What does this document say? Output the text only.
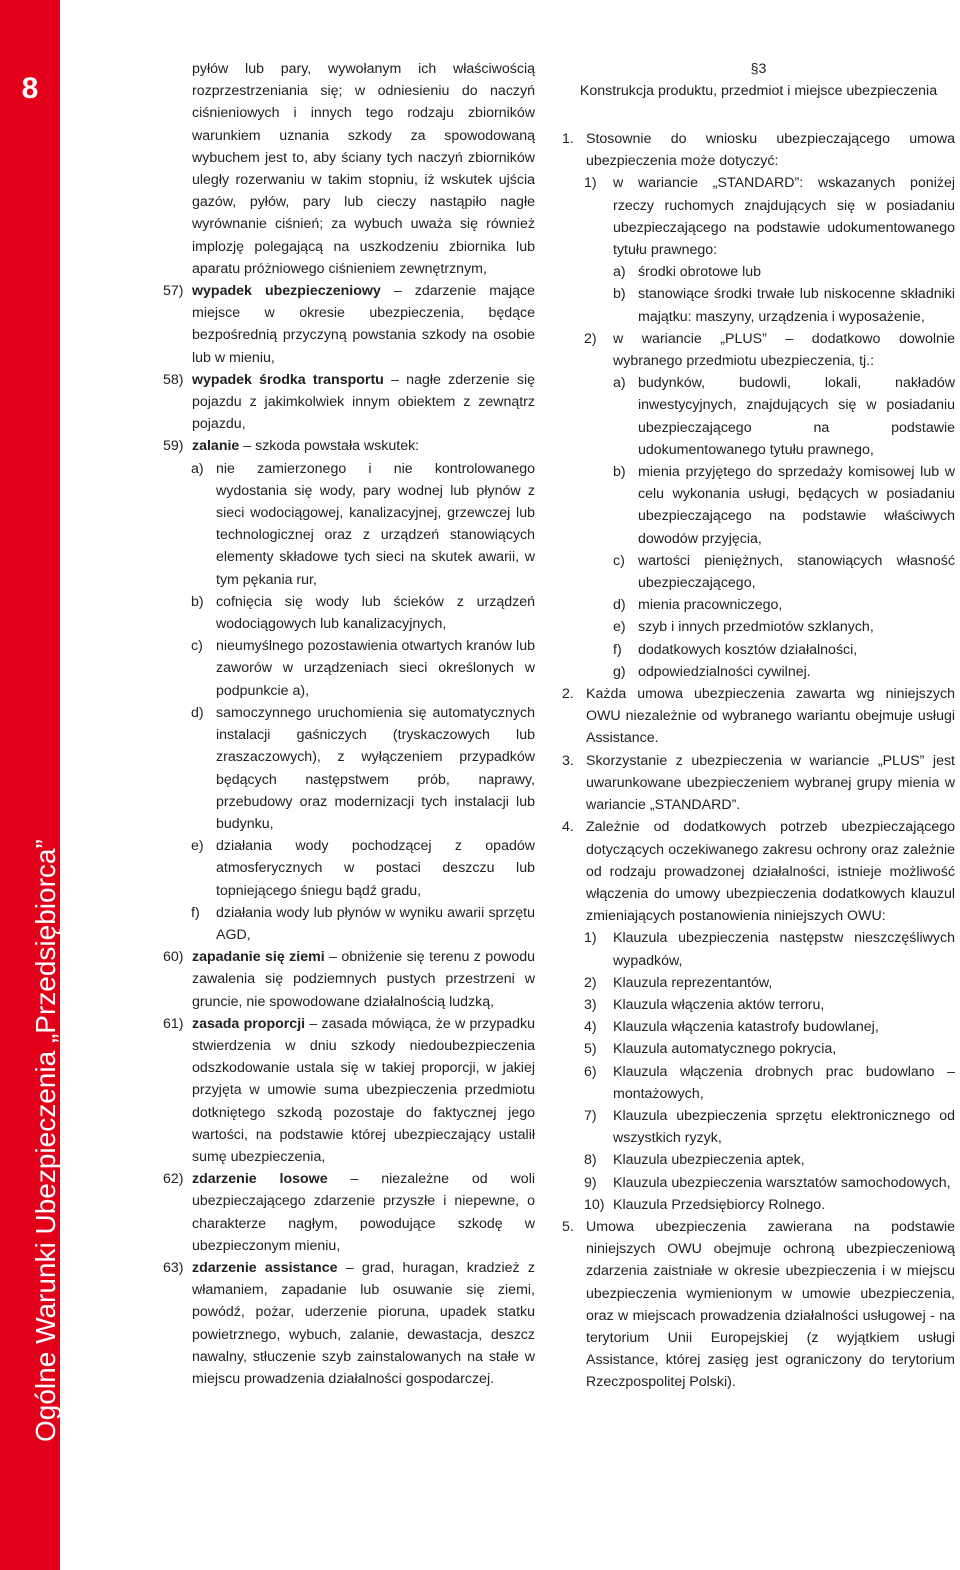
8
Ogólne Warunki Ubezpieczenia „Przedsiębiorca”
pyłów lub pary, wywołanym ich właściwością rozprzestrzeniania się; w odniesieniu do naczyń ciśnieniowych i innych tego rodzaju zbiorników warunkiem uznania szkody za spowodowaną wybuchem jest to, aby ściany tych naczyń zbiorników uległy rozerwaniu w takim stopniu, iż wskutek ujścia gazów, pyłów, pary lub cieczy nastąpiło nagłe wyrównanie ciśnień; za wybuch uważa się również implozję polegającą na uszkodzeniu zbiornika lub aparatu próżniowego ciśnieniem zewnętrznym,
57) wypadek ubezpieczeniowy – zdarzenie mające miejsce w okresie ubezpieczenia, będące bezpośrednią przyczyną powstania szkody na osobie lub w mieniu,
58) wypadek środka transportu – nagłe zderzenie się pojazdu z jakimkolwiek innym obiektem z zewnątrz pojazdu,
59) zalanie – szkoda powstała wskutek:
a) nie zamierzonego i nie kontrolowanego wydostania się wody, pary wodnej lub płynów z sieci wodociągowej, kanalizacyjnej, grzewczej lub technologicznej oraz z urządzeń stanowiących elementy składowe tych sieci na skutek awarii, w tym pękania rur,
b) cofnięcia się wody lub ścieków z urządzeń wodociągowych lub kanalizacyjnych,
c) nieumyślnego pozostawienia otwartych kranów lub zaworów w urządzeniach sieci określonych w podpunkcie a),
d) samoczynnego uruchomienia się automatycznych instalacji gaśniczych (tryskaczowych lub zraszaczowych), z wyłączeniem przypadków będących następstwem prób, naprawy, przebudowy oraz modernizacji tych instalacji lub budynku,
e) działania wody pochodzącej z opadów atmosferycznych w postaci deszczu lub topniejącego śniegu bądź gradu,
f) działania wody lub płynów w wyniku awarii sprzętu AGD,
60) zapadanie się ziemi – obniżenie się terenu z powodu zawalenia się podziemnych pustych przestrzeni w gruncie, nie spowodowane działalnością ludzką,
61) zasada proporcji – zasada mówiąca, że w przypadku stwierdzenia w dniu szkody niedoubezpieczenia odszkodowanie ustala się w takiej proporcji, w jakiej przyjęta w umowie suma ubezpieczenia przedmiotu dotkniętego szkodą pozostaje do faktycznej jego wartości, na podstawie której ubezpieczający ustalił sumę ubezpieczenia,
62) zdarzenie losowe – niezależne od woli ubezpieczającego zdarzenie przyszłe i niepewne, o charakterze nagłym, powodujące szkodę w ubezpieczonym mieniu,
63) zdarzenie assistance – grad, huragan, kradzież z włamaniem, zapadanie lub osuwanie się ziemi, powódź, pożar, uderzenie pioruna, upadek statku powietrznego, wybuch, zalanie, dewastacja, deszcz nawalny, stłuczenie szyb zainstalowanych na stałe w miejscu prowadzenia działalności gospodarczej.
§3
Konstrukcja produktu, przedmiot i miejsce ubezpieczenia
1. Stosownie do wniosku ubezpieczającego umowa ubezpieczenia może dotyczyć:
1) w wariancie „STANDARD”: wskazanych poniżej rzeczy ruchomych znajdujących się w posiadaniu ubezpieczającego na podstawie udokumentowanego tytułu prawnego:
a) środki obrotowe lub
b) stanowiące środki trwałe lub niskocenne składniki majątku: maszyny, urządzenia i wyposażenie,
2) w wariancie „PLUS” – dodatkowo dowolnie wybranego przedmiotu ubezpieczenia, tj.:
a) budynków, budowli, lokali, nakładów inwestycyjnych, znajdujących się w posiadaniu ubezpieczającego na podstawie udokumentowanego tytułu prawnego,
b) mienia przyjętego do sprzedaży komisowej lub w celu wykonania usługi, będących w posiadaniu ubezpieczającego na podstawie właściwych dowodów przyjęcia,
c) wartości pieniężnych, stanowiących własność ubezpieczającego,
d) mienia pracowniczego,
e) szyb i innych przedmiotów szklanych,
f) dodatkowych kosztów działalności,
g) odpowiedzialności cywilnej.
2. Każda umowa ubezpieczenia zawarta wg niniejszych OWU niezależnie od wybranego wariantu obejmuje usługi Assistance.
3. Skorzystanie z ubezpieczenia w wariancie „PLUS” jest uwarunkowane ubezpieczeniem wybranej grupy mienia w wariancie „STANDARD”.
4. Zależnie od dodatkowych potrzeb ubezpieczającego dotyczących oczekiwanego zakresu ochrony oraz zależnie od rodzaju prowadzonej działalności, istnieje możliwość włączenia do umowy ubezpieczenia dodatkowych klauzul zmieniających postanowienia niniejszych OWU:
1) Klauzula ubezpieczenia następstw nieszczęśliwych wypadków,
2) Klauzula reprezentantów,
3) Klauzula włączenia aktów terroru,
4) Klauzula włączenia katastrofy budowlanej,
5) Klauzula automatycznego pokrycia,
6) Klauzula włączenia drobnych prac budowlano – montażowych,
7) Klauzula ubezpieczenia sprzętu elektronicznego od wszystkich ryzyk,
8) Klauzula ubezpieczenia aptek,
9) Klauzula ubezpieczenia warsztatów samochodowych,
10) Klauzula Przedsiębiorcy Rolnego.
5. Umowa ubezpieczenia zawierana na podstawie niniejszych OWU obejmuje ochroną ubezpieczeniową zdarzenia zaistniałe w okresie ubezpieczenia i w miejscu ubezpieczenia wymienionym w umowie ubezpieczenia, oraz w miejscach prowadzenia działalności usługowej - na terytorium Unii Europejskiej (z wyjątkiem usługi Assistance, której zasięg jest ograniczony do terytorium Rzeczpospolitej Polski).
